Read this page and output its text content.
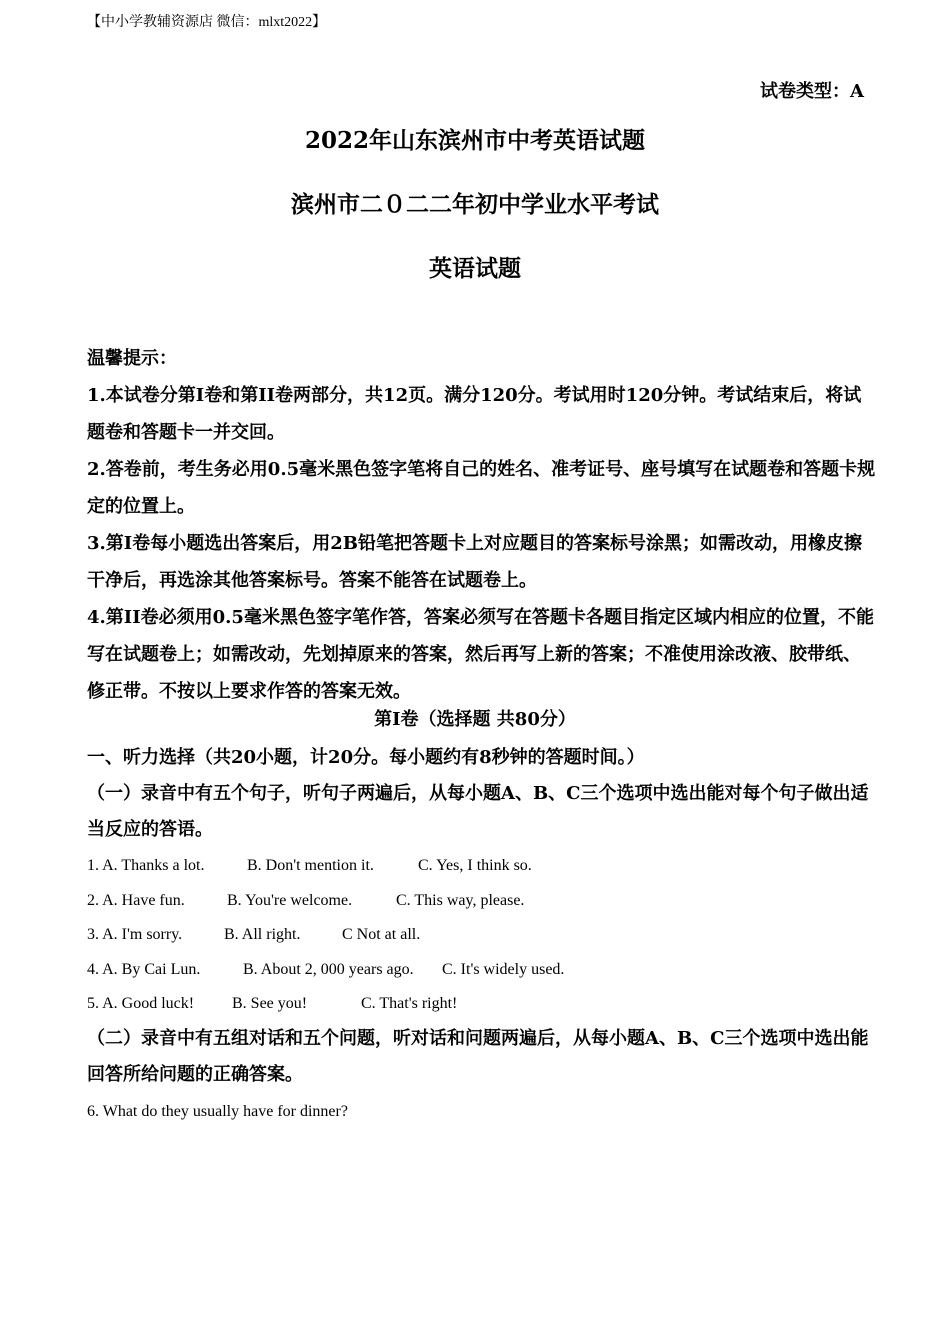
【中小学教辅资源店 微信：mlxt2022】
试卷类型：A
2022年山东滨州市中考英语试题
滨州市二０二二年初中学业水平考试
英语试题

温馨提示：

1.本试卷分第I卷和第II卷两部分，共12页。满分120分。考试用时120分钟。考试结束后，将试题卷和答题卡一并交回。

2.答卷前，考生务必用0.5毫米黑色签字笔将自己的姓名、准考证号、座号填写在试题卷和答题卡规定的位置上。

3.第I卷每小题选出答案后，用2B铅笔把答题卡上对应题目的答案标号涂黑；如需改动，用橡皮擦干净后，再选涂其他答案标号。答案不能答在试题卷上。

4.第II卷必须用0.5毫米黑色签字笔作答，答案必须写在答题卡各题目指定区域内相应的位置，不能写在试题卷上；如需改动，先划掉原来的答案，然后再写上新的答案；不准使用涂改液、胶带纸、修正带。不按以上要求作答的答案无效。

第I卷（选择题 共80分）

一、听力选择（共20小题，计20分。每小题约有8秒钟的答题时间。）

（一）录音中有五个句子，听句子两遍后，从每小题A、B、C三个选项中选出能对每个句子做出适当反应的答语。

1. A. Thanks a lot.	B. Don't mention it.	C. Yes, I think so.

2. A. Have fun.	B. You're welcome.	C. This way, please.

3. A. I'm sorry.	B. All right.	C Not at all.

4. A. By Cai Lun.	B. About 2, 000 years ago. C. It's widely used.

5. A. Good luck! B. See you!	C. That's right!

（二）录音中有五组对话和五个问题，听对话和问题两遍后，从每小题A、B、C三个选项中选出能回答所给问题的正确答案。

6. What do they usually have for dinner?
